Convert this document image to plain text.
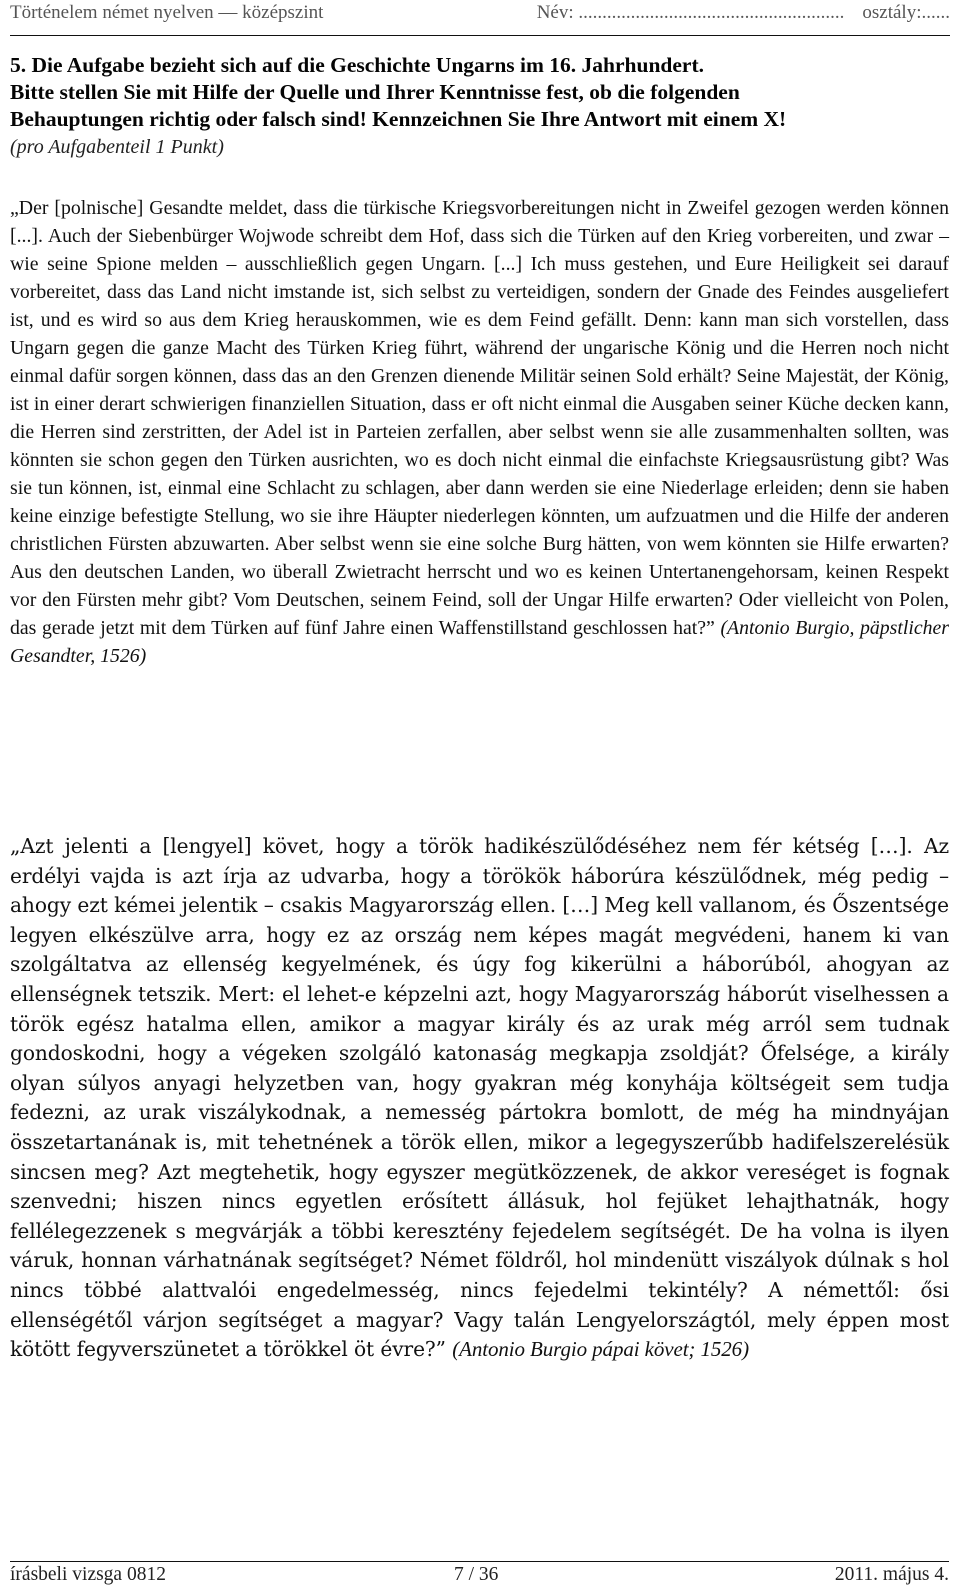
Történelem német nyelven — középszint	Név: ........................................................ osztály:......
5. Die Aufgabe bezieht sich auf die Geschichte Ungarns im 16. Jahrhundert.
Bitte stellen Sie mit Hilfe der Quelle und Ihrer Kenntnisse fest, ob die folgenden
Behauptungen richtig oder falsch sind! Kennzeichnen Sie Ihre Antwort mit einem X!
(pro Aufgabenteil 1 Punkt)
„Der [polnische] Gesandte meldet, dass die türkische Kriegsvorbereitungen nicht in Zweifel gezogen werden können [...]. Auch der Siebenbürger Wojwode schreibt dem Hof, dass sich die Türken auf den Krieg vorbereiten, und zwar – wie seine Spione melden – ausschließlich gegen Ungarn. [...] Ich muss gestehen, und Eure Heiligkeit sei darauf vorbereitet, dass das Land nicht imstande ist, sich selbst zu verteidigen, sondern der Gnade des Feindes ausgeliefert ist, und es wird so aus dem Krieg herauskommen, wie es dem Feind gefällt. Denn: kann man sich vorstellen, dass Ungarn gegen die ganze Macht des Türken Krieg führt, während der ungarische König und die Herren noch nicht einmal dafür sorgen können, dass das an den Grenzen dienende Militär seinen Sold erhält? Seine Majestät, der König, ist in einer derart schwierigen finanziellen Situation, dass er oft nicht einmal die Ausgaben seiner Küche decken kann, die Herren sind zerstritten, der Adel ist in Parteien zerfallen, aber selbst wenn sie alle zusammenhalten sollten, was könnten sie schon gegen den Türken ausrichten, wo es doch nicht einmal die einfachste Kriegsausrüstung gibt? Was sie tun können, ist, einmal eine Schlacht zu schlagen, aber dann werden sie eine Niederlage erleiden; denn sie haben keine einzige befestigte Stellung, wo sie ihre Häupter niederlegen könnten, um aufzuatmen und die Hilfe der anderen christlichen Fürsten abzuwarten. Aber selbst wenn sie eine solche Burg hätten, von wem könnten sie Hilfe erwarten? Aus den deutschen Landen, wo überall Zwietracht herrscht und wo es keinen Untertanengehorsam, keinen Respekt vor den Fürsten mehr gibt? Vom Deutschen, seinem Feind, soll der Ungar Hilfe erwarten? Oder vielleicht von Polen, das gerade jetzt mit dem Türken auf fünf Jahre einen Waffenstillstand geschlossen hat?” (Antonio Burgio, päpstlicher Gesandter, 1526)
„Azt jelenti a [lengyel] követ, hogy a török hadikészülődéséhez nem fér kétség […]. Az erdélyi vajda is azt írja az udvarba, hogy a törökök háborúra készülődnek, még pedig – ahogy ezt kémei jelentik – csakis Magyarország ellen. […] Meg kell vallanom, és Őszentsége legyen elkészülve arra, hogy ez az ország nem képes magát megvédeni, hanem ki van szolgáltatva az ellenség kegyelmének, és úgy fog kikerülni a háborúból, ahogyan az ellenségnek tetszik. Mert: el lehet-e képzelni azt, hogy Magyarország háborút viselhessen a török egész hatalma ellen, amikor a magyar király és az urak még arról sem tudnak gondoskodni, hogy a végeken szolgáló katonaság megkapja zsoldját? Őfelsége, a király olyan súlyos anyagi helyzetben van, hogy gyakran még konyhája költségeit sem tudja fedezni, az urak viszálykodnak, a nemesség pártokra bomlott, de még ha mindnyájan összetartanának is, mit tehetnének a török ellen, mikor a legegyszerűbb hadifelszerelésük sincsen meg? Azt megtehetik, hogy egyszer megütközzenek, de akkor vereséget is fognak szenvedni; hiszen nincs egyetlen erősített állásuk, hol fejüket lehajthatnák, hogy fellélegezzenek s megvárják a többi keresztény fejedelem segítségét. De ha volna is ilyen váruk, honnan várhatnának segítséget? Német földről, hol mindenütt viszályok dúlnak s hol nincs többé alattvalói engedelmesség, nincs fejedelmi tekintély? A némettől: ősi ellenségétől várjon segítséget a magyar? Vagy talán Lengyelországtól, mely éppen most kötött fegyverszünetet a törökkel öt évre?” (Antonio Burgio pápai követ; 1526)
írásbeli vizsga 0812	7 / 36	2011. május 4.
